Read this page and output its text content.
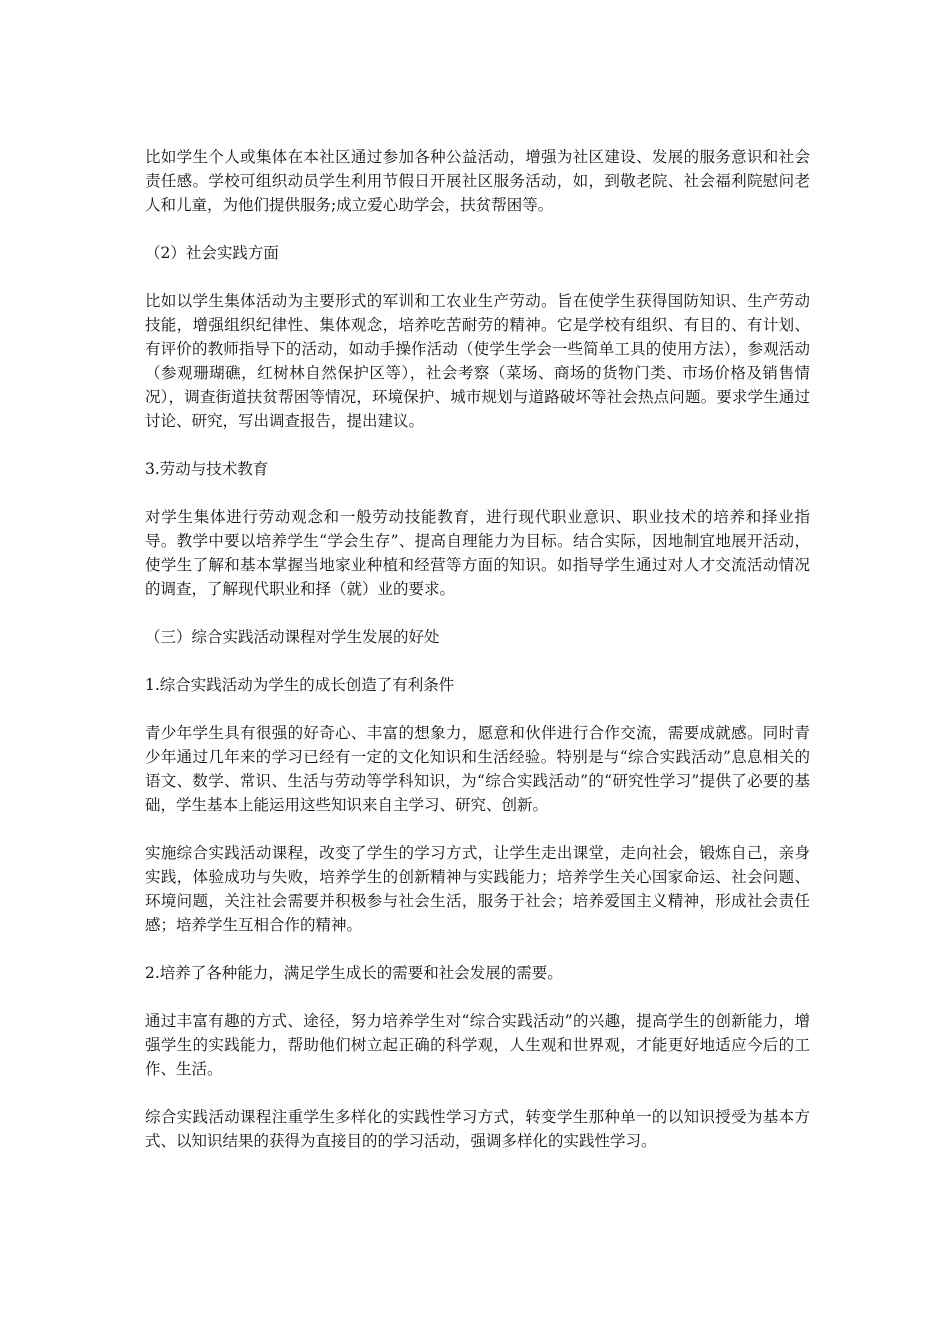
比如学生个人或集体在本社区通过参加各种公益活动，增强为社区建设、发展的服务意识和社会责任感。学校可组织动员学生利用节假日开展社区服务活动，如，到敬老院、社会福利院慰问老人和儿童，为他们提供服务;成立爱心助学会，扶贫帮困等。

（2）社会实践方面

比如以学生集体活动为主要形式的军训和工农业生产劳动。旨在使学生获得国防知识、生产劳动技能，增强组织纪律性、集体观念，培养吃苦耐劳的精神。它是学校有组织、有目的、有计划、有评价的教师指导下的活动，如动手操作活动（使学生学会一些简单工具的使用方法），参观活动（参观珊瑚礁，红树林自然保护区等），社会考察（菜场、商场的货物门类、市场价格及销售情况），调查街道扶贫帮困等情况，环境保护、城市规划与道路破坏等社会热点问题。要求学生通过讨论、研究，写出调查报告，提出建议。

3.劳动与技术教育

对学生集体进行劳动观念和一般劳动技能教育，进行现代职业意识、职业技术的培养和择业指导。教学中要以培养学生“学会生存”、提高自理能力为目标。结合实际，因地制宜地展开活动，使学生了解和基本掌握当地家业种植和经营等方面的知识。如指导学生通过对人才交流活动情况的调查，了解现代职业和择（就）业的要求。

（三）综合实践活动课程对学生发展的好处

1.综合实践活动为学生的成长创造了有利条件

青少年学生具有很强的好奇心、丰富的想象力，愿意和伙伴进行合作交流，需要成就感。同时青少年通过几年来的学习已经有一定的文化知识和生活经验。特别是与“综合实践活动”息息相关的语文、数学、常识、生活与劳动等学科知识，为“综合实践活动”的“研究性学习”提供了必要的基础，学生基本上能运用这些知识来自主学习、研究、创新。

实施综合实践活动课程，改变了学生的学习方式，让学生走出课堂，走向社会，锻炼自己，亲身实践，体验成功与失败，培养学生的创新精神与实践能力；培养学生关心国家命运、社会问题、环境问题，关注社会需要并积极参与社会生活，服务于社会；培养爱国主义精神，形成社会责任感；培养学生互相合作的精神。

2.培养了各种能力，满足学生成长的需要和社会发展的需要。

通过丰富有趣的方式、途径，努力培养学生对“综合实践活动”的兴趣，提高学生的创新能力，增强学生的实践能力，帮助他们树立起正确的科学观，人生观和世界观，才能更好地适应今后的工作、生活。

综合实践活动课程注重学生多样化的实践性学习方式，转变学生那种单一的以知识授受为基本方式、以知识结果的获得为直接目的的学习活动，强调多样化的实践性学习。
